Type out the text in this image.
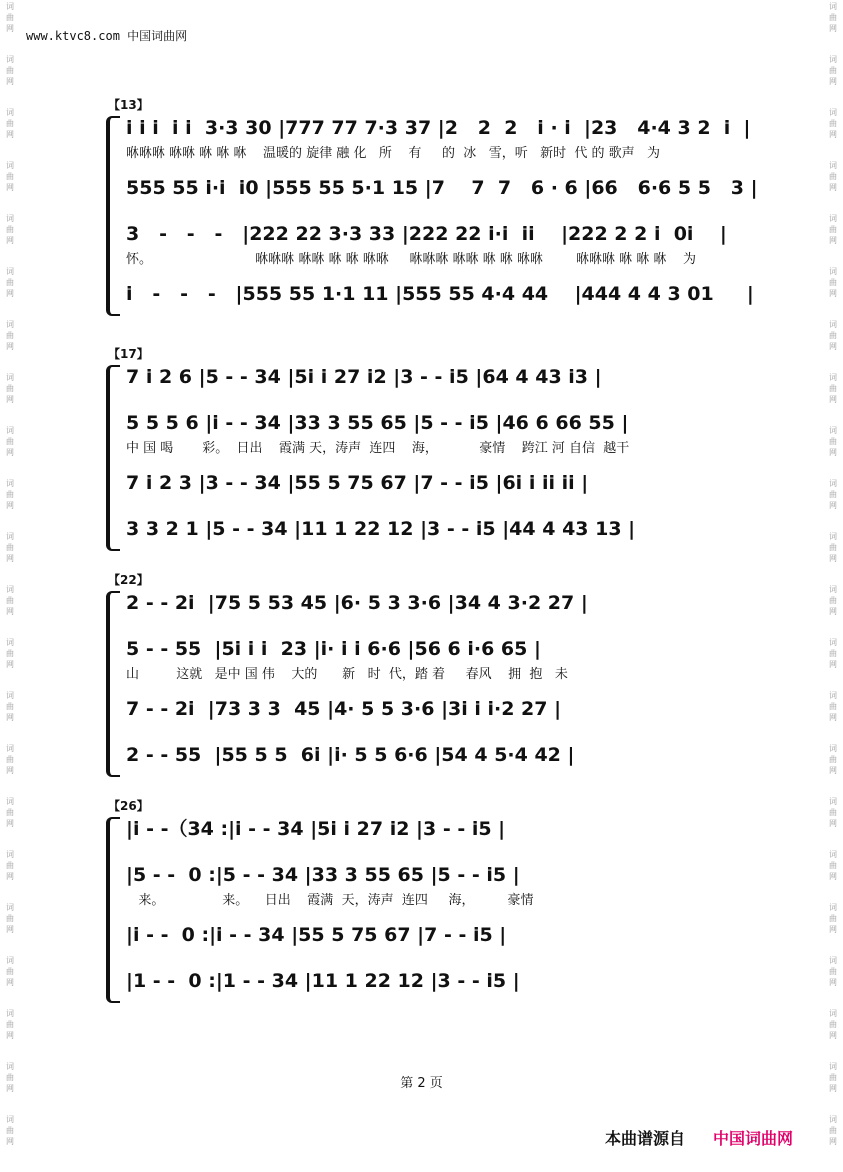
词
曲
网
词
曲
网
词
曲
网
词
曲
网
词
曲
网
词
曲
网
词
曲
网
词
曲
网
词
曲
网
词
曲
网
词
曲
网
词
曲
网
词
曲
网
词
曲
网
词
曲
网
词
曲
网
词
曲
网
词
曲
网
词
曲
网
词
曲
网
词
曲
网
词
曲
网
词
曲
网
词
曲
网
词
曲
网
词
曲
网
词
曲
网
词
曲
网
词
曲
网
词
曲
网
词
曲
网
词
曲
网
词
曲
网
词
曲
网
词
曲
网
词
曲
网
词
曲
网
词
曲
网
词
曲
网
词
曲
网
词
曲
网
词
曲
网
词
曲
网
词
曲
网
www.ktvc8.com 中国词曲网
【13】
i i i  i i  3·3 30 |777 77 7·3 37 |2   2  2   i · i  |23   4·4 3 2  i  |
咻咻咻 咻咻 咻 咻 咻    温暖的 旋律 融 化   所    有     的  冰   雪，听   新时  代 的 歌声   为
555 55 i·i  i0 |555 55 5·1 15 |7    7  7   6 · 6 |66   6·6 5 5   3 |
3   -   -   -   |222 22 3·3 33 |222 22 i·i  ii    |222 2 2 i  0i    |
怀。                         咻咻咻 咻咻 咻 咻 咻咻     咻咻咻 咻咻 咻 咻 咻咻        咻咻咻 咻 咻 咻    为
i   -   -   -   |555 55 1·1 11 |555 55 4·4 44    |444 4 4 3 01     |
【17】
7 i 2 6 |5 - - 34 |5i i 27 i2 |3 - - i5 |64 4 43 i3 |
5 5 5 6 |i - - 34 |33 3 55 65 |5 - - i5 |46 6 66 55 |
中 国 喝       彩。  日出    霞满 天，涛声  连四    海，          豪情    跨江 河 自信  越干
7 i 2 3 |3 - - 34 |55 5 75 67 |7 - - i5 |6i i ii ii |
3 3 2 1 |5 - - 34 |11 1 22 12 |3 - - i5 |44 4 43 13 |
【22】
2 - - 2i  |75 5 53 45 |6· 5 3 3·6 |34 4 3·2 27 |
5 - - 55  |5i i i  23 |i· i i 6·6 |56 6 i·6 65 |
山         这就   是中 国 伟    大的      新   时  代，踏 着     春风    拥  抱   未
7 - - 2i  |73 3 3  45 |4· 5 5 3·6 |3i i i·2 27 |
2 - - 55  |55 5 5  6i |i· 5 5 6·6 |54 4 5·4 42 |
【26】
|i - -（34 :|i - - 34 |5i i 27 i2 |3 - - i5 |
|5 - -  0 :|5 - - 34 |33 3 55 65 |5 - - i5 |
来。              来。    日出    霞满  天，涛声  连四     海，        豪情
|i - -  0 :|i - - 34 |55 5 75 67 |7 - - i5 |
|1 - -  0 :|1 - - 34 |11 1 22 12 |3 - - i5 |
第 2 页
本曲谱源自 中国词曲网
